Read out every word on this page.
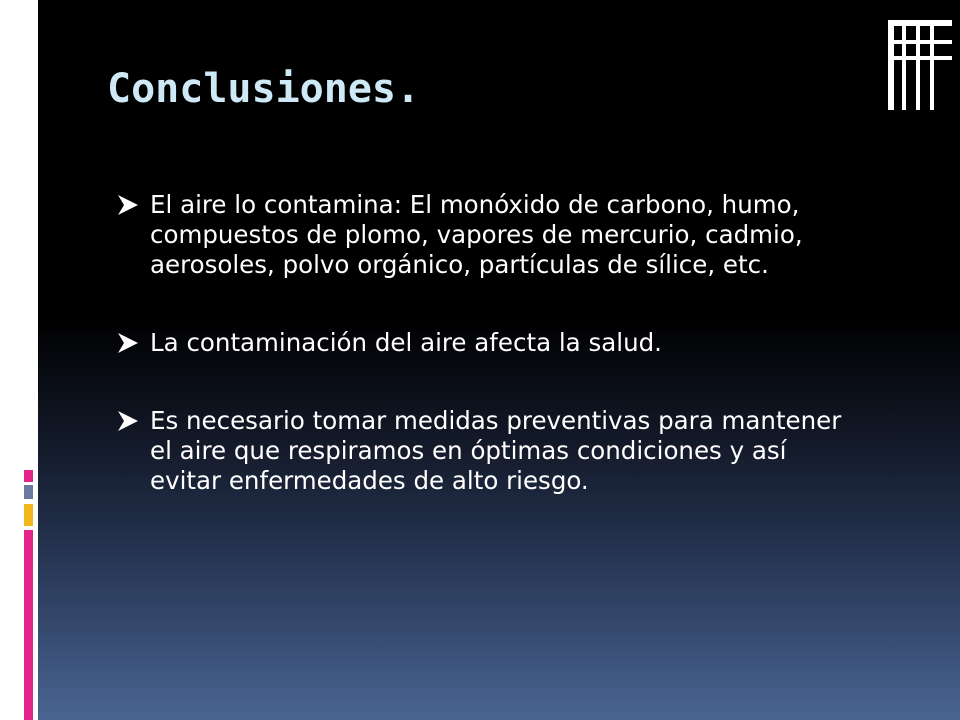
Conclusiones.
El aire lo contamina: El monóxido de carbono, humo, compuestos de plomo, vapores de mercurio, cadmio, aerosoles, polvo orgánico, partículas de sílice, etc.
La contaminación del aire afecta la salud.
Es necesario tomar medidas preventivas para mantener el aire que respiramos en óptimas condiciones y así evitar enfermedades de alto riesgo.
